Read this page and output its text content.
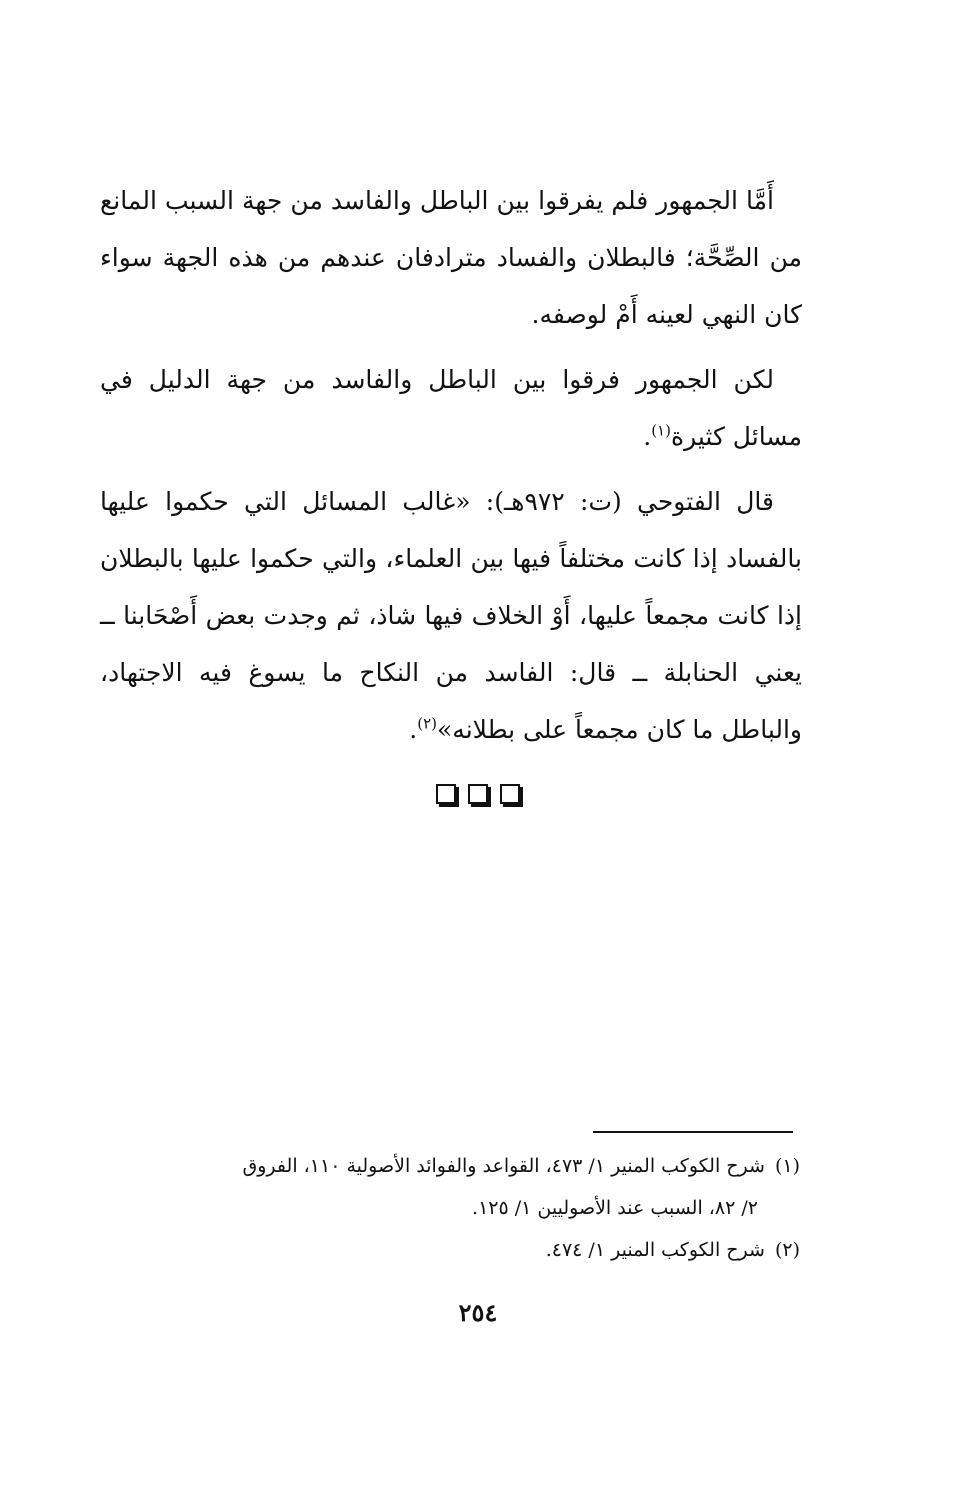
أَمَّا الجمهور فلم يفرقوا بين الباطل والفاسد من جهة السبب المانع من الصِّحَّة؛ فالبطلان والفساد مترادفان عندهم من هذه الجهة سواء كان النهي لعينه أَمْ لوصفه.

لكن الجمهور فرقوا بين الباطل والفاسد من جهة الدليل في مسائل كثيرة$^{(١)}$.

قال الفتوحي (ت: ٩٧٢هـ): «غالب المسائل التي حكموا عليها بالفساد إذا كانت مختلفاً فيها بين العلماء، والتي حكموا عليها بالبطلان إذا كانت مجمعاً عليها، أَوْ الخلاف فيها شاذ، ثم وجدت بعض أَصْحَابنا ــ يعني الحنابلة ــ قال: الفاسد من النكاح ما يسوغ فيه الاجتهاد، والباطل ما كان مجمعاً على بطلانه»$^{(٢)}$.

(١)شرح الكوكب المنير ١/ ٤٧٣، القواعد والفوائد الأصولية ١١٠، الفروق

٢/ ٨٢، السبب عند الأصوليين ١/ ١٢٥.

(٢)شرح الكوكب المنير ١/ ٤٧٤.

٢٥٤
